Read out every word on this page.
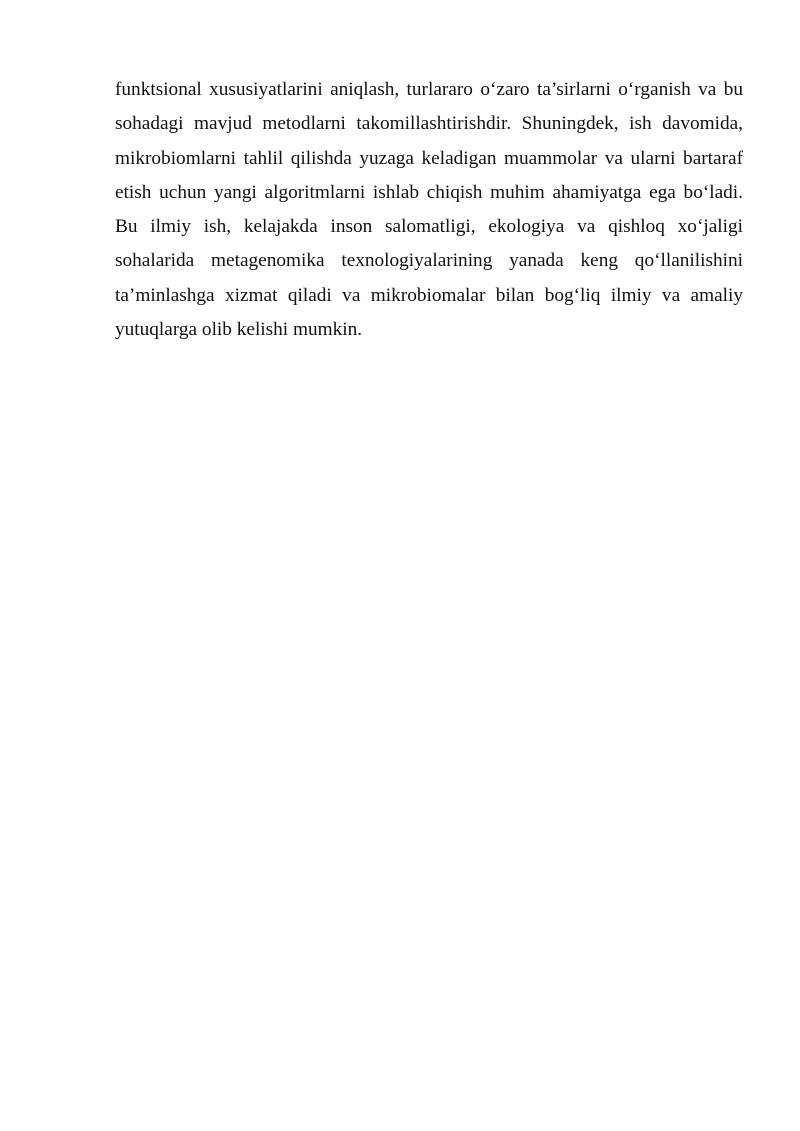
funktsional xususiyatlarini aniqlash, turlararo o‘zaro ta’sirlarni o‘rganish va bu
sohadagi mavjud metodlarni takomillashtirishdir. Shuningdek, ish davomida,
mikrobiomlarni tahlil qilishda yuzaga keladigan muammolar va ularni bartaraf
etish uchun yangi algoritmlarni ishlab chiqish muhim ahamiyatga ega bo‘ladi.
Bu ilmiy ish, kelajakda inson salomatligi, ekologiya va qishloq xo‘jaligi
sohalarida metagenomika texnologiyalarining yanada keng qo‘llanilishini
ta’minlashga xizmat qiladi va mikrobiomalar bilan bog‘liq ilmiy va amaliy
yutuqlarga olib kelishi mumkin.
